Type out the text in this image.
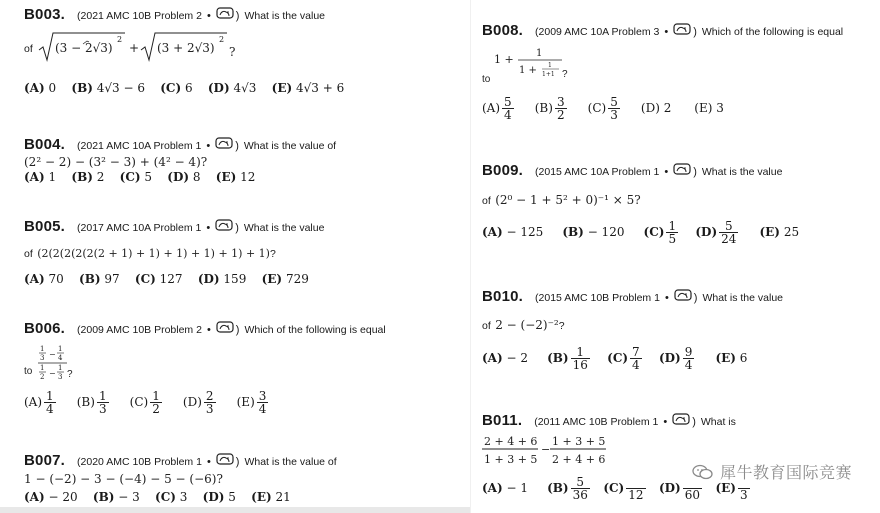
B003. (2021 AMC 10B Problem 2 • ) What is the value
of (3 − 2√3)
2
+ (3 + 2√3)
2
?
(A) 0 (B) 4√3 − 6 (C) 6 (D) 4√3 (E) 4√3 + 6
B004. (2021 AMC 10A Problem 1 • ) What is the value of
(2² − 2) − (3² − 3) + (4² − 4)?
(A) 1 (B) 2 (C) 5 (D) 8 (E) 12
B005. (2017 AMC 10A Problem 1 • ) What is the value
of (2(2(2(2(2(2 + 1) + 1) + 1) + 1) + 1) + 1)?
(A) 70 (B) 97 (C) 127 (D) 159 (E) 729
B006. (2009 AMC 10B Problem 2 • ) Which of the following is equal
to
1
3 −
1
4
1
2 −
1
3 ?
$(A) \frac{1}{4} (B) \frac{1}{3} (C) \frac{1}{2} (D) \frac{2}{3} (E) \frac{3}{4}$
B007. (2020 AMC 10B Problem 1 • ) What is the value of
1 − (−2) − 3 − (−4) − 5 − (−6)?
(A) − 20 (B) − 3 (C) 3 (D) 5 (E) 21
B008. (2009 AMC 10A Problem 3 • ) Which of the following is equal
to
1 + 1
1 + 1
1+1 ?
$(A) \frac{5}{4} (B) \frac{3}{2} (C) \frac{5}{3} (D)$ 2 (E) 3
B009. (2015 AMC 10A Problem 1 • ) What is the value
of (2⁰ − 1 + 5² + 0)⁻¹ × 5?
(A) − 125 (B) − 120 $(C) \frac{1}{5} (D) \frac{5}{24} (E)$ 25
B010. (2015 AMC 10B Problem 1 • ) What is the value
of 2 − (−2)⁻²?
(A) − 2 $(B) \frac{1}{16} (C) \frac{7}{4} (D) \frac{9}{4} (E)$ 6
B011. (2011 AMC 10B Problem 1 • ) What is
2 + 4 + 6
1 + 3 + 5
−
1 + 3 + 5
2 + 4 + 6
(A) − 1 $(B) \frac{5}{36} (C)$
12 (D)
60 (E)
3
犀牛教育国际竞赛
